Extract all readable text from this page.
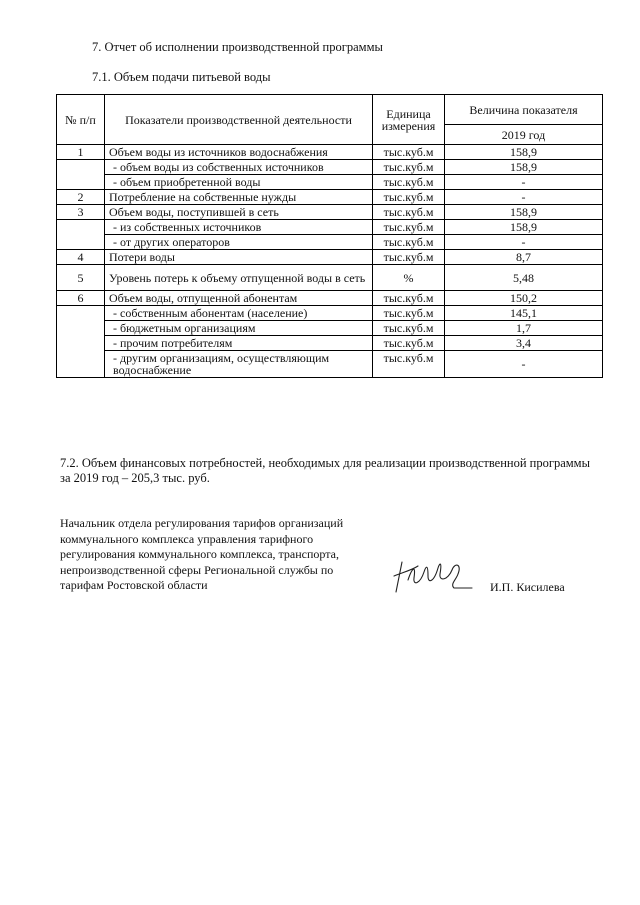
7. Отчет об исполнении производственной программы
7.1. Объем подачи питьевой воды
№ п/п	Показатели производственной деятельности	Единица измерения	Величина показателя
			2019 год
1	Объем воды из источников водоснабжения	тыс.куб.м	158,9
	- объем воды из собственных источников	тыс.куб.м	158,9
	- объем приобретенной воды	тыс.куб.м	-
2	Потребление на собственные нужды	тыс.куб.м	-
3	Объем воды, поступившей в сеть	тыс.куб.м	158,9
	- из собственных источников	тыс.куб.м	158,9
	- от других операторов	тыс.куб.м	-
4	Потери воды	тыс.куб.м	8,7
5	Уровень потерь к объему отпущенной воды в сеть	%	5,48
6	Объем воды, отпущенной абонентам	тыс.куб.м	150,2
	- собственным абонентам (население)	тыс.куб.м	145,1
	- бюджетным организациям	тыс.куб.м	1,7
	- прочим потребителям	тыс.куб.м	3,4
	- другим организациям, осуществляющим водоснабжение	тыс.куб.м	-
7.2. Объем финансовых потребностей, необходимых для реализации производственной программы за 2019 год – 205,3 тыс. руб.
Начальник отдела регулирования тарифов организаций коммунального комплекса управления тарифного регулирования коммунального комплекса, транспорта, непроизводственной сферы Региональной службы по тарифам Ростовской области	И.П. Кисилева
